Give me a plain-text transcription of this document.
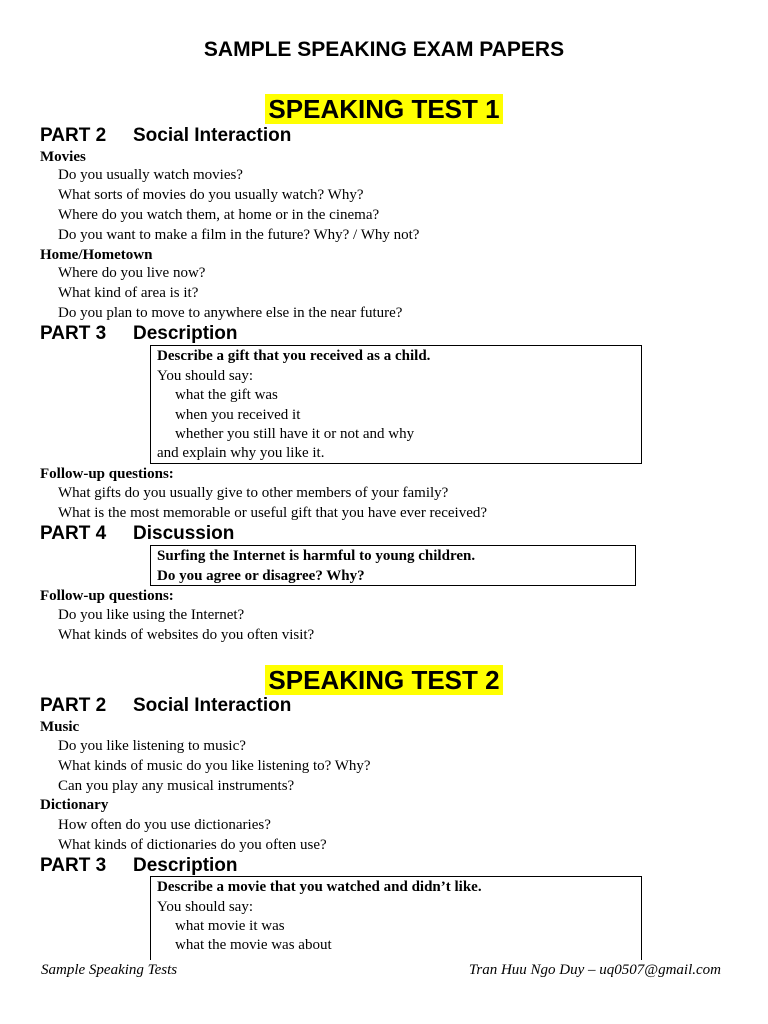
SAMPLE SPEAKING EXAM PAPERS
SPEAKING TEST 1
PART 2 Social Interaction
Movies
Do you usually watch movies?
What sorts of movies do you usually watch? Why?
Where do you watch them, at home or in the cinema?
Do you want to make a film in the future? Why? / Why not?
Home/Hometown
Where do you live now?
What kind of area is it?
Do you plan to move to anywhere else in the near future?
PART 3 Description
Describe a gift that you received as a child.
You should say:
what the gift was
when you received it
whether you still have it or not and why
and explain why you like it.
Follow-up questions:
What gifts do you usually give to other members of your family?
What is the most memorable or useful gift that you have ever received?
PART 4 Discussion
Surfing the Internet is harmful to young children.
Do you agree or disagree? Why?
Follow-up questions:
Do you like using the Internet?
What kinds of websites do you often visit?
SPEAKING TEST 2
PART 2 Social Interaction
Music
Do you like listening to music?
What kinds of music do you like listening to? Why?
Can you play any musical instruments?
Dictionary
How often do you use dictionaries?
What kinds of dictionaries do you often use?
PART 3 Description
Describe a movie that you watched and didn’t like.
You should say:
what movie it was
what the movie was about
Sample Speaking Tests	Tran Huu Ngo Duy – uq0507@gmail.com
